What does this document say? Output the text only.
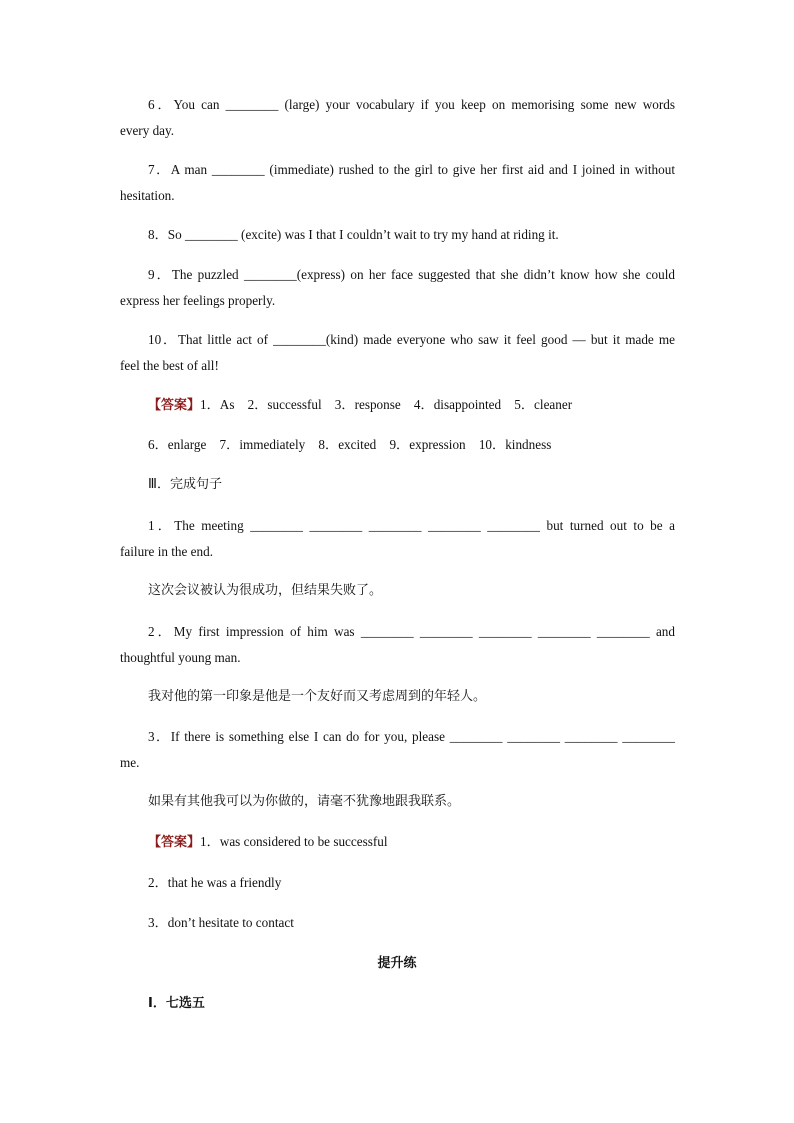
6．You can ________ (large) your vocabulary if you keep on memorising some new words
every day.
7．A man ________ (immediate) rushed to the girl to give her first aid and I joined in without
hesitation.
8．So ________ (excite) was I that I couldn’t wait to try my hand at riding it.
9．The puzzled ________(express) on her face suggested that she didn’t know how she could
express her feelings properly.
10．That little act of ________(kind) made everyone who saw it feel good — but it made me
feel the best of all!
【答案】1．As　2．successful　3．response　4．disappointed　5．cleaner
6．enlarge　7．immediately　8．excited　9．expression　10．kindness
Ⅲ．完成句子
1．The meeting ________ ________ ________ ________ ________ but turned out to be a
failure in the end.
这次会议被认为很成功，但结果失败了。
2．My first impression of him was ________ ________ ________ ________ ________ and
thoughtful young man.
我对他的第一印象是他是一个友好而又考虑周到的年轻人。
3．If there is something else I can do for you, please ________ ________ ________ ________
me.
如果有其他我可以为你做的，请毫不犹豫地跟我联系。
【答案】1．was considered to be successful
2．that he was a friendly
3．don’t hesitate to contact
提升练
Ⅰ．七选五
